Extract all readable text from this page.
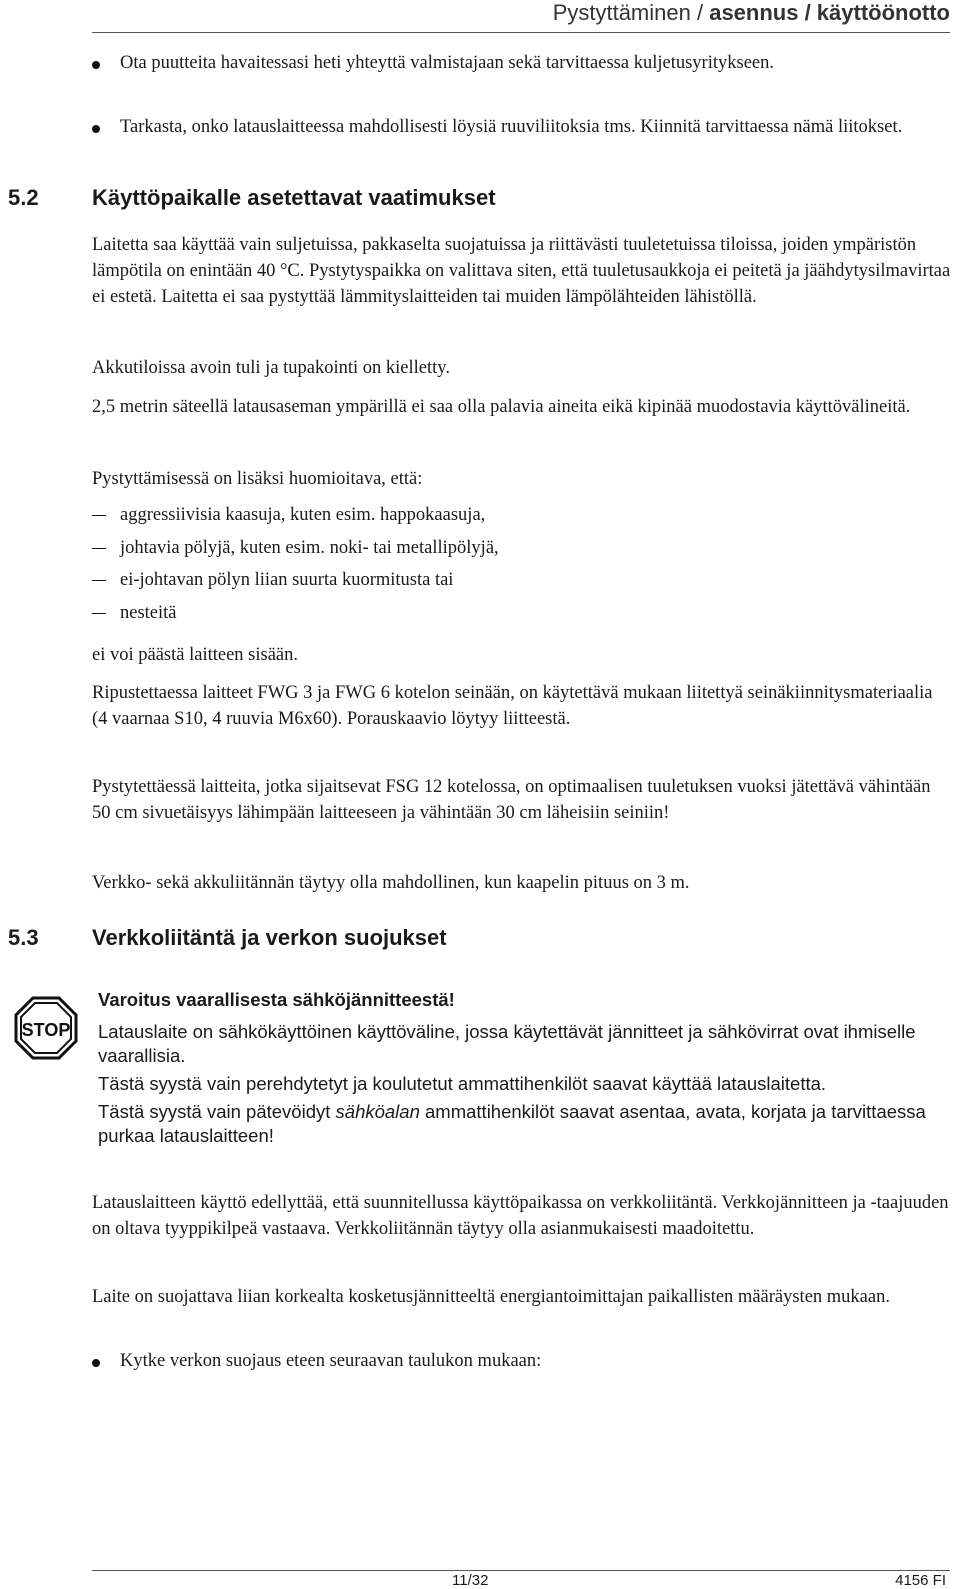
Pystyttäminen / asennus / käyttöönotto
Ota puutteita havaitessasi heti yhteyttä valmistajaan sekä tarvittaessa kuljetusyritykseen.
Tarkasta, onko latauslaitteessa mahdollisesti löysiä ruuviliitoksia tms. Kiinnitä tarvittaessa nämä liitokset.
5.2 Käyttöpaikalle asetettavat vaatimukset

Laitetta saa käyttää vain suljetuissa, pakkaselta suojatuissa ja riittävästi tuuletetuissa tiloissa, joiden ympäristön lämpötila on enintään 40 °C. Pystytyspaikka on valittava siten, että tuuletusaukkoja ei peitetä ja jäähdytysilmavirtaa ei estetä. Laitetta ei saa pystyttää lämmityslaitteiden tai muiden lämpölähteiden lähistöllä.

Akkutiloissa avoin tuli ja tupakointi on kielletty.

2,5 metrin säteellä latausaseman ympärillä ei saa olla palavia aineita eikä kipinää muodostavia käyttövälineitä.

Pystyttämisessä on lisäksi huomioitava, että:

aggressiivisia kaasuja, kuten esim. happokaasuja,
johtavia pölyjä, kuten esim. noki- tai metallipölyjä,
ei-johtavan pölyn liian suurta kuormitusta tai
nesteitä

ei voi päästä laitteen sisään.

Ripustettaessa laitteet FWG 3 ja FWG 6 kotelon seinään, on käytettävä mukaan liitettyä seinäkiinnitysmateriaalia (4 vaarnaa S10, 4 ruuvia M6x60). Porauskaavio löytyy liitteestä.

Pystytettäessä laitteita, jotka sijaitsevat FSG 12 kotelossa, on optimaalisen tuuletuksen vuoksi jätettävä vähintään 50 cm sivuetäisyys lähimpään laitteeseen ja vähintään 30 cm läheisiin seiniin!

Verkko- sekä akkuliitännän täytyy olla mahdollinen, kun kaapelin pituus on 3 m.

5.3 Verkkoliitäntä ja verkon suojukset
STOP
Varoitus vaarallisesta sähköjännitteestä!
Latauslaite on sähkökäyttöinen käyttöväline, jossa käytettävät jännitteet ja sähkövirrat ovat ihmiselle vaarallisia.
Tästä syystä vain perehdytetyt ja koulutetut ammattihenkilöt saavat käyttää latauslaitetta.
Tästä syystä vain pätevöidyt sähköalan ammattihenkilöt saavat asentaa, avata, korjata ja tarvittaessa purkaa latauslaitteen!

Latauslaitteen käyttö edellyttää, että suunnitellussa käyttöpaikassa on verkkoliitäntä. Verkkojännitteen ja -taajuuden on oltava tyyppikilpeä vastaava. Verkkoliitännän täytyy olla asianmukaisesti maadoitettu.

Laite on suojattava liian korkealta kosketusjännitteeltä energiantoimittajan paikallisten määräysten mukaan.

Kytke verkon suojaus eteen seuraavan taulukon mukaan:
11/32	4156 FI
